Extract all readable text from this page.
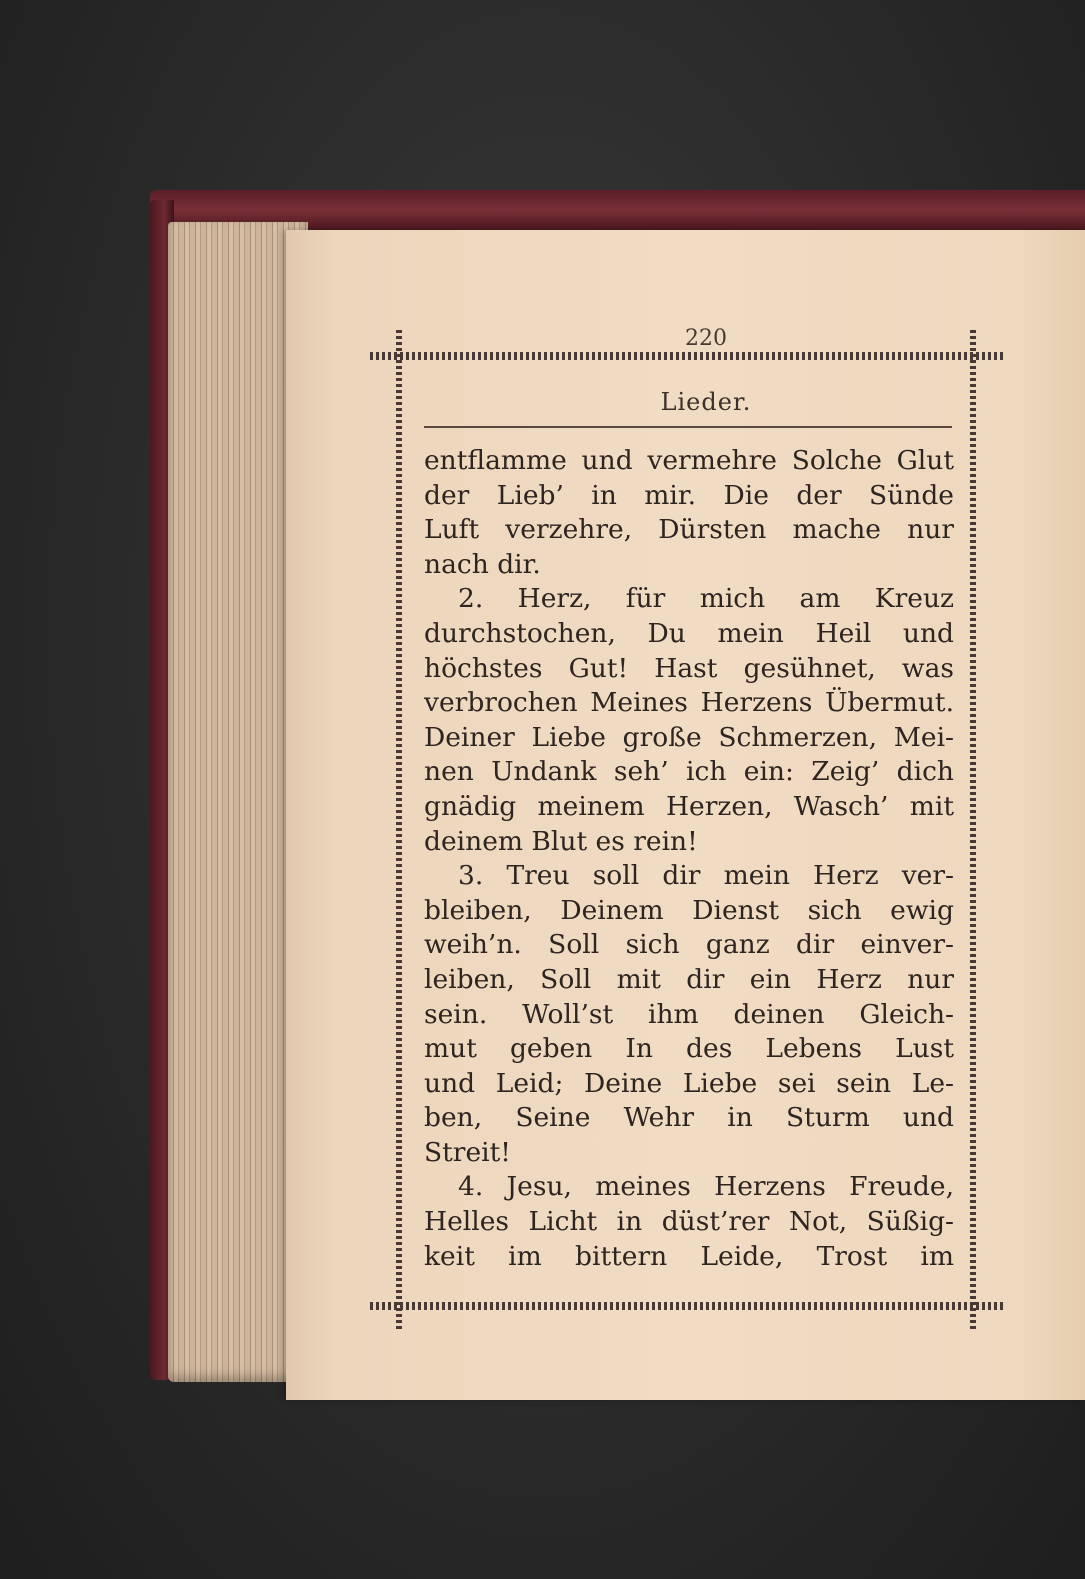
220
Lieder.
entflamme und vermehre Solche Glut
der Lieb’ in mir. Die der Sünde
Luft verzehre, Dürsten mache nur
nach dir.
2. Herz, für mich am Kreuz
durchstochen, Du mein Heil und
höchstes Gut! Hast gesühnet, was
verbrochen Meines Herzens Übermut.
Deiner Liebe große Schmerzen, Mei-
nen Undank seh’ ich ein: Zeig’ dich
gnädig meinem Herzen, Wasch’ mit
deinem Blut es rein!
3. Treu soll dir mein Herz ver-
bleiben, Deinem Dienst sich ewig
weih’n. Soll sich ganz dir einver-
leiben, Soll mit dir ein Herz nur
sein. Woll’st ihm deinen Gleich-
mut geben In des Lebens Lust
und Leid; Deine Liebe sei sein Le-
ben, Seine Wehr in Sturm und
Streit!
4. Jesu, meines Herzens Freude,
Helles Licht in düst’rer Not, Süßig-
keit im bittern Leide, Trost im
